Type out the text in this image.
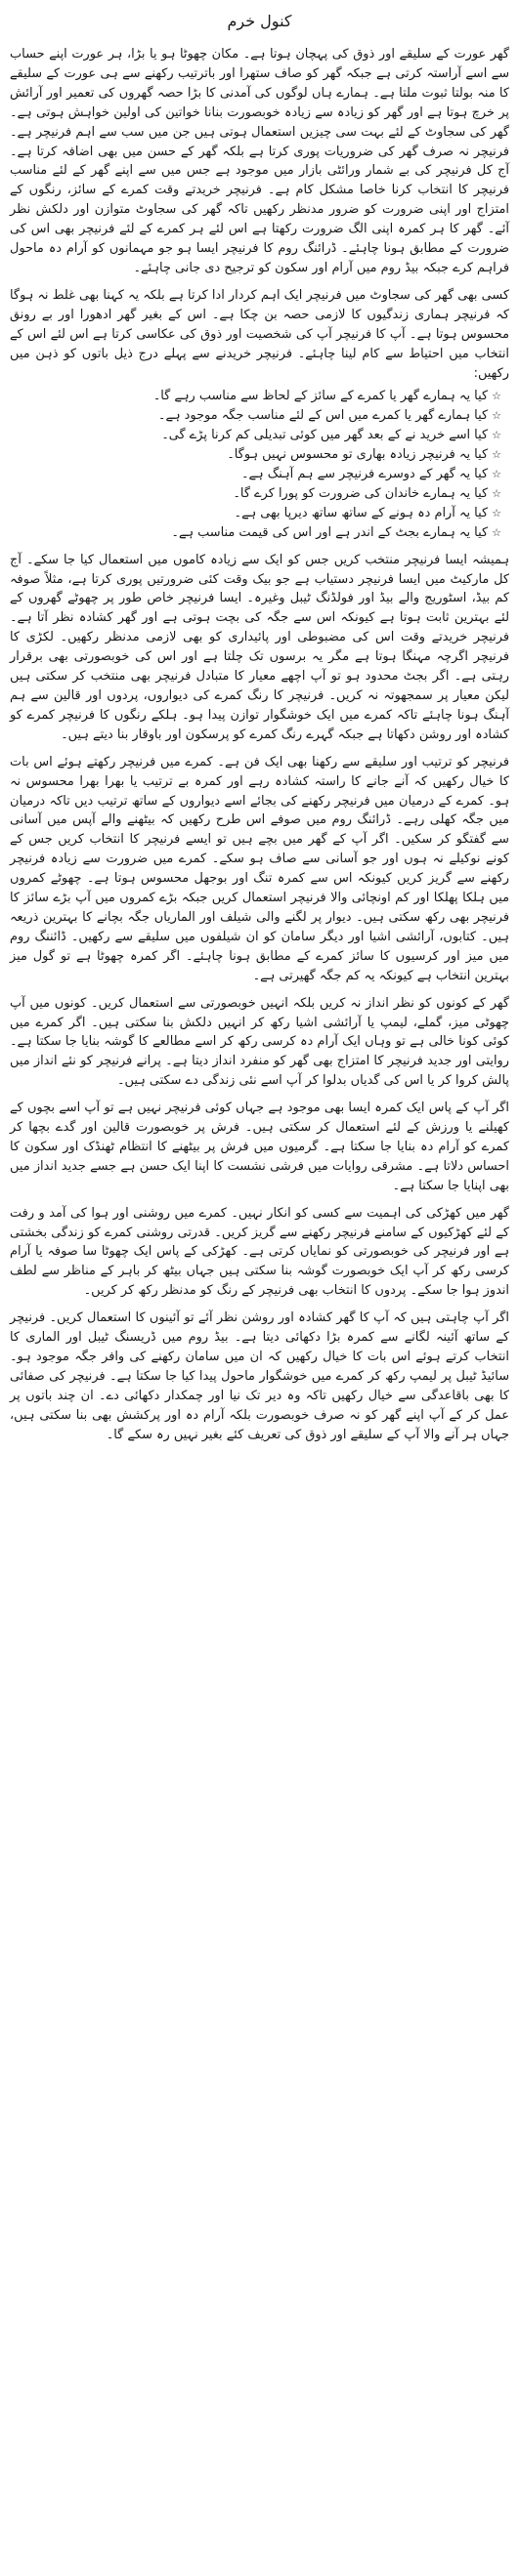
کنول خرم

گھر عورت کے سلیقے اور ذوق کی پہچان ہوتا ہے۔ مکان چھوٹا ہو یا بڑا، ہر عورت اپنے حساب سے اسے آراستہ کرتی ہے جبکہ گھر کو صاف ستھرا اور باترتیب رکھنے سے ہی عورت کے سلیقے کا منہ بولتا ثبوت ملتا ہے۔ ہمارے ہاں لوگوں کی آمدنی کا بڑا حصہ گھروں کی تعمیر اور آرائش پر خرچ ہوتا ہے اور گھر کو زیادہ سے زیادہ خوبصورت بنانا خواتین کی اولین خواہش ہوتی ہے۔ گھر کی سجاوٹ کے لئے بہت سی چیزیں استعمال ہوتی ہیں جن میں سب سے اہم فرنیچر ہے۔ فرنیچر نہ صرف گھر کی ضروریات پوری کرتا ہے بلکہ گھر کے حسن میں بھی اضافہ کرتا ہے۔ آج کل فرنیچر کی بے شمار ورائٹی بازار میں موجود ہے جس میں سے اپنے گھر کے لئے مناسب فرنیچر کا انتخاب کرنا خاصا مشکل کام ہے۔ فرنیچر خریدتے وقت کمرے کے سائز، رنگوں کے امتزاج اور اپنی ضرورت کو ضرور مدنظر رکھیں تاکہ گھر کی سجاوٹ متوازن اور دلکش نظر آئے۔ گھر کا ہر کمرہ اپنی الگ ضرورت رکھتا ہے اس لئے ہر کمرے کے لئے فرنیچر بھی اس کی ضرورت کے مطابق ہونا چاہئے۔ ڈرائنگ روم کا فرنیچر ایسا ہو جو مہمانوں کو آرام دہ ماحول فراہم کرے جبکہ بیڈ روم میں آرام اور سکون کو ترجیح دی جانی چاہئے۔

کسی بھی گھر کی سجاوٹ میں فرنیچر ایک اہم کردار ادا کرتا ہے بلکہ یہ کہنا بھی غلط نہ ہوگا کہ فرنیچر ہماری زندگیوں کا لازمی حصہ بن چکا ہے۔ اس کے بغیر گھر ادھورا اور بے رونق محسوس ہوتا ہے۔ آپ کا فرنیچر آپ کی شخصیت اور ذوق کی عکاسی کرتا ہے اس لئے اس کے انتخاب میں احتیاط سے کام لینا چاہئے۔ فرنیچر خریدنے سے پہلے درج ذیل باتوں کو ذہن میں رکھیں:

☆کیا یہ ہمارے گھر یا کمرے کے سائز کے لحاظ سے مناسب رہے گا۔
☆کیا ہمارے گھر یا کمرے میں اس کے لئے مناسب جگہ موجود ہے۔
☆کیا اسے خرید نے کے بعد گھر میں کوئی تبدیلی کم کرنا پڑے گی۔
☆کیا یہ فرنیچر زیادہ بھاری تو محسوس نہیں ہوگا۔
☆کیا یہ گھر کے دوسرے فرنیچر سے ہم آہنگ ہے۔
☆کیا یہ ہمارے خاندان کی ضرورت کو پورا کرے گا۔
☆کیا یہ آرام دہ ہونے کے ساتھ ساتھ دیرپا بھی ہے۔
☆کیا یہ ہمارے بجٹ کے اندر ہے اور اس کی قیمت مناسب ہے۔

ہمیشہ ایسا فرنیچر منتخب کریں جس کو ایک سے زیادہ کاموں میں استعمال کیا جا سکے۔ آج کل مارکیٹ میں ایسا فرنیچر دستیاب ہے جو بیک وقت کئی ضرورتیں پوری کرتا ہے، مثلاً صوفہ کم بیڈ، اسٹوریج والے بیڈ اور فولڈنگ ٹیبل وغیرہ۔ ایسا فرنیچر خاص طور پر چھوٹے گھروں کے لئے بہترین ثابت ہوتا ہے کیونکہ اس سے جگہ کی بچت ہوتی ہے اور گھر کشادہ نظر آتا ہے۔ فرنیچر خریدتے وقت اس کی مضبوطی اور پائیداری کو بھی لازمی مدنظر رکھیں۔ لکڑی کا فرنیچر اگرچہ مہنگا ہوتا ہے مگر یہ برسوں تک چلتا ہے اور اس کی خوبصورتی بھی برقرار رہتی ہے۔ اگر بجٹ محدود ہو تو آپ اچھے معیار کا متبادل فرنیچر بھی منتخب کر سکتی ہیں لیکن معیار پر سمجھوتہ نہ کریں۔ فرنیچر کا رنگ کمرے کی دیواروں، پردوں اور قالین سے ہم آہنگ ہونا چاہئے تاکہ کمرے میں ایک خوشگوار توازن پیدا ہو۔ ہلکے رنگوں کا فرنیچر کمرے کو کشادہ اور روشن دکھاتا ہے جبکہ گہرے رنگ کمرے کو پرسکون اور باوقار بنا دیتے ہیں۔

فرنیچر کو ترتیب اور سلیقے سے رکھنا بھی ایک فن ہے۔ کمرے میں فرنیچر رکھتے ہوئے اس بات کا خیال رکھیں کہ آنے جانے کا راستہ کشادہ رہے اور کمرہ بے ترتیب یا بھرا بھرا محسوس نہ ہو۔ کمرے کے درمیان میں فرنیچر رکھنے کی بجائے اسے دیواروں کے ساتھ ترتیب دیں تاکہ درمیان میں جگہ کھلی رہے۔ ڈرائنگ روم میں صوفے اس طرح رکھیں کہ بیٹھنے والے آپس میں آسانی سے گفتگو کر سکیں۔ اگر آپ کے گھر میں بچے ہیں تو ایسے فرنیچر کا انتخاب کریں جس کے کونے نوکیلے نہ ہوں اور جو آسانی سے صاف ہو سکے۔ کمرے میں ضرورت سے زیادہ فرنیچر رکھنے سے گریز کریں کیونکہ اس سے کمرہ تنگ اور بوجھل محسوس ہوتا ہے۔ چھوٹے کمروں میں ہلکا پھلکا اور کم اونچائی والا فرنیچر استعمال کریں جبکہ بڑے کمروں میں آپ بڑے سائز کا فرنیچر بھی رکھ سکتی ہیں۔ دیوار پر لگنے والی شیلف اور الماریاں جگہ بچانے کا بہترین ذریعہ ہیں۔ کتابوں، آرائشی اشیا اور دیگر سامان کو ان شیلفوں میں سلیقے سے رکھیں۔ ڈائننگ روم میں میز اور کرسیوں کا سائز کمرے کے مطابق ہونا چاہئے۔ اگر کمرہ چھوٹا ہے تو گول میز بہترین انتخاب ہے کیونکہ یہ کم جگہ گھیرتی ہے۔

گھر کے کونوں کو نظر انداز نہ کریں بلکہ انہیں خوبصورتی سے استعمال کریں۔ کونوں میں آپ چھوٹی میز، گملے، لیمپ یا آرائشی اشیا رکھ کر انہیں دلکش بنا سکتی ہیں۔ اگر کمرے میں کوئی کونا خالی ہے تو وہاں ایک آرام دہ کرسی رکھ کر اسے مطالعے کا گوشہ بنایا جا سکتا ہے۔ روایتی اور جدید فرنیچر کا امتزاج بھی گھر کو منفرد انداز دیتا ہے۔ پرانے فرنیچر کو نئے انداز میں پالش کروا کر یا اس کی گدیاں بدلوا کر آپ اسے نئی زندگی دے سکتی ہیں۔

اگر آپ کے پاس ایک کمرہ ایسا بھی موجود ہے جہاں کوئی فرنیچر نہیں ہے تو آپ اسے بچوں کے کھیلنے یا ورزش کے لئے استعمال کر سکتی ہیں۔ فرش پر خوبصورت قالین اور گدے بچھا کر کمرے کو آرام دہ بنایا جا سکتا ہے۔ گرمیوں میں فرش پر بیٹھنے کا انتظام ٹھنڈک اور سکون کا احساس دلاتا ہے۔ مشرقی روایات میں فرشی نشست کا اپنا ایک حسن ہے جسے جدید انداز میں بھی اپنایا جا سکتا ہے۔

گھر میں کھڑکی کی اہمیت سے کسی کو انکار نہیں۔ کمرے میں روشنی اور ہوا کی آمد و رفت کے لئے کھڑکیوں کے سامنے فرنیچر رکھنے سے گریز کریں۔ قدرتی روشنی کمرے کو زندگی بخشتی ہے اور فرنیچر کی خوبصورتی کو نمایاں کرتی ہے۔ کھڑکی کے پاس ایک چھوٹا سا صوفہ یا آرام کرسی رکھ کر آپ ایک خوبصورت گوشہ بنا سکتی ہیں جہاں بیٹھ کر باہر کے مناظر سے لطف اندوز ہوا جا سکے۔ پردوں کا انتخاب بھی فرنیچر کے رنگ کو مدنظر رکھ کر کریں۔

اگر آپ چاہتی ہیں کہ آپ کا گھر کشادہ اور روشن نظر آئے تو آئینوں کا استعمال کریں۔ فرنیچر کے ساتھ آئینہ لگانے سے کمرہ بڑا دکھائی دیتا ہے۔ بیڈ روم میں ڈریسنگ ٹیبل اور الماری کا انتخاب کرتے ہوئے اس بات کا خیال رکھیں کہ ان میں سامان رکھنے کی وافر جگہ موجود ہو۔ سائیڈ ٹیبل پر لیمپ رکھ کر کمرے میں خوشگوار ماحول پیدا کیا جا سکتا ہے۔ فرنیچر کی صفائی کا بھی باقاعدگی سے خیال رکھیں تاکہ وہ دیر تک نیا اور چمکدار دکھائی دے۔ ان چند باتوں پر عمل کر کے آپ اپنے گھر کو نہ صرف خوبصورت بلکہ آرام دہ اور پرکشش بھی بنا سکتی ہیں، جہاں ہر آنے والا آپ کے سلیقے اور ذوق کی تعریف کئے بغیر نہیں رہ سکے گا۔
